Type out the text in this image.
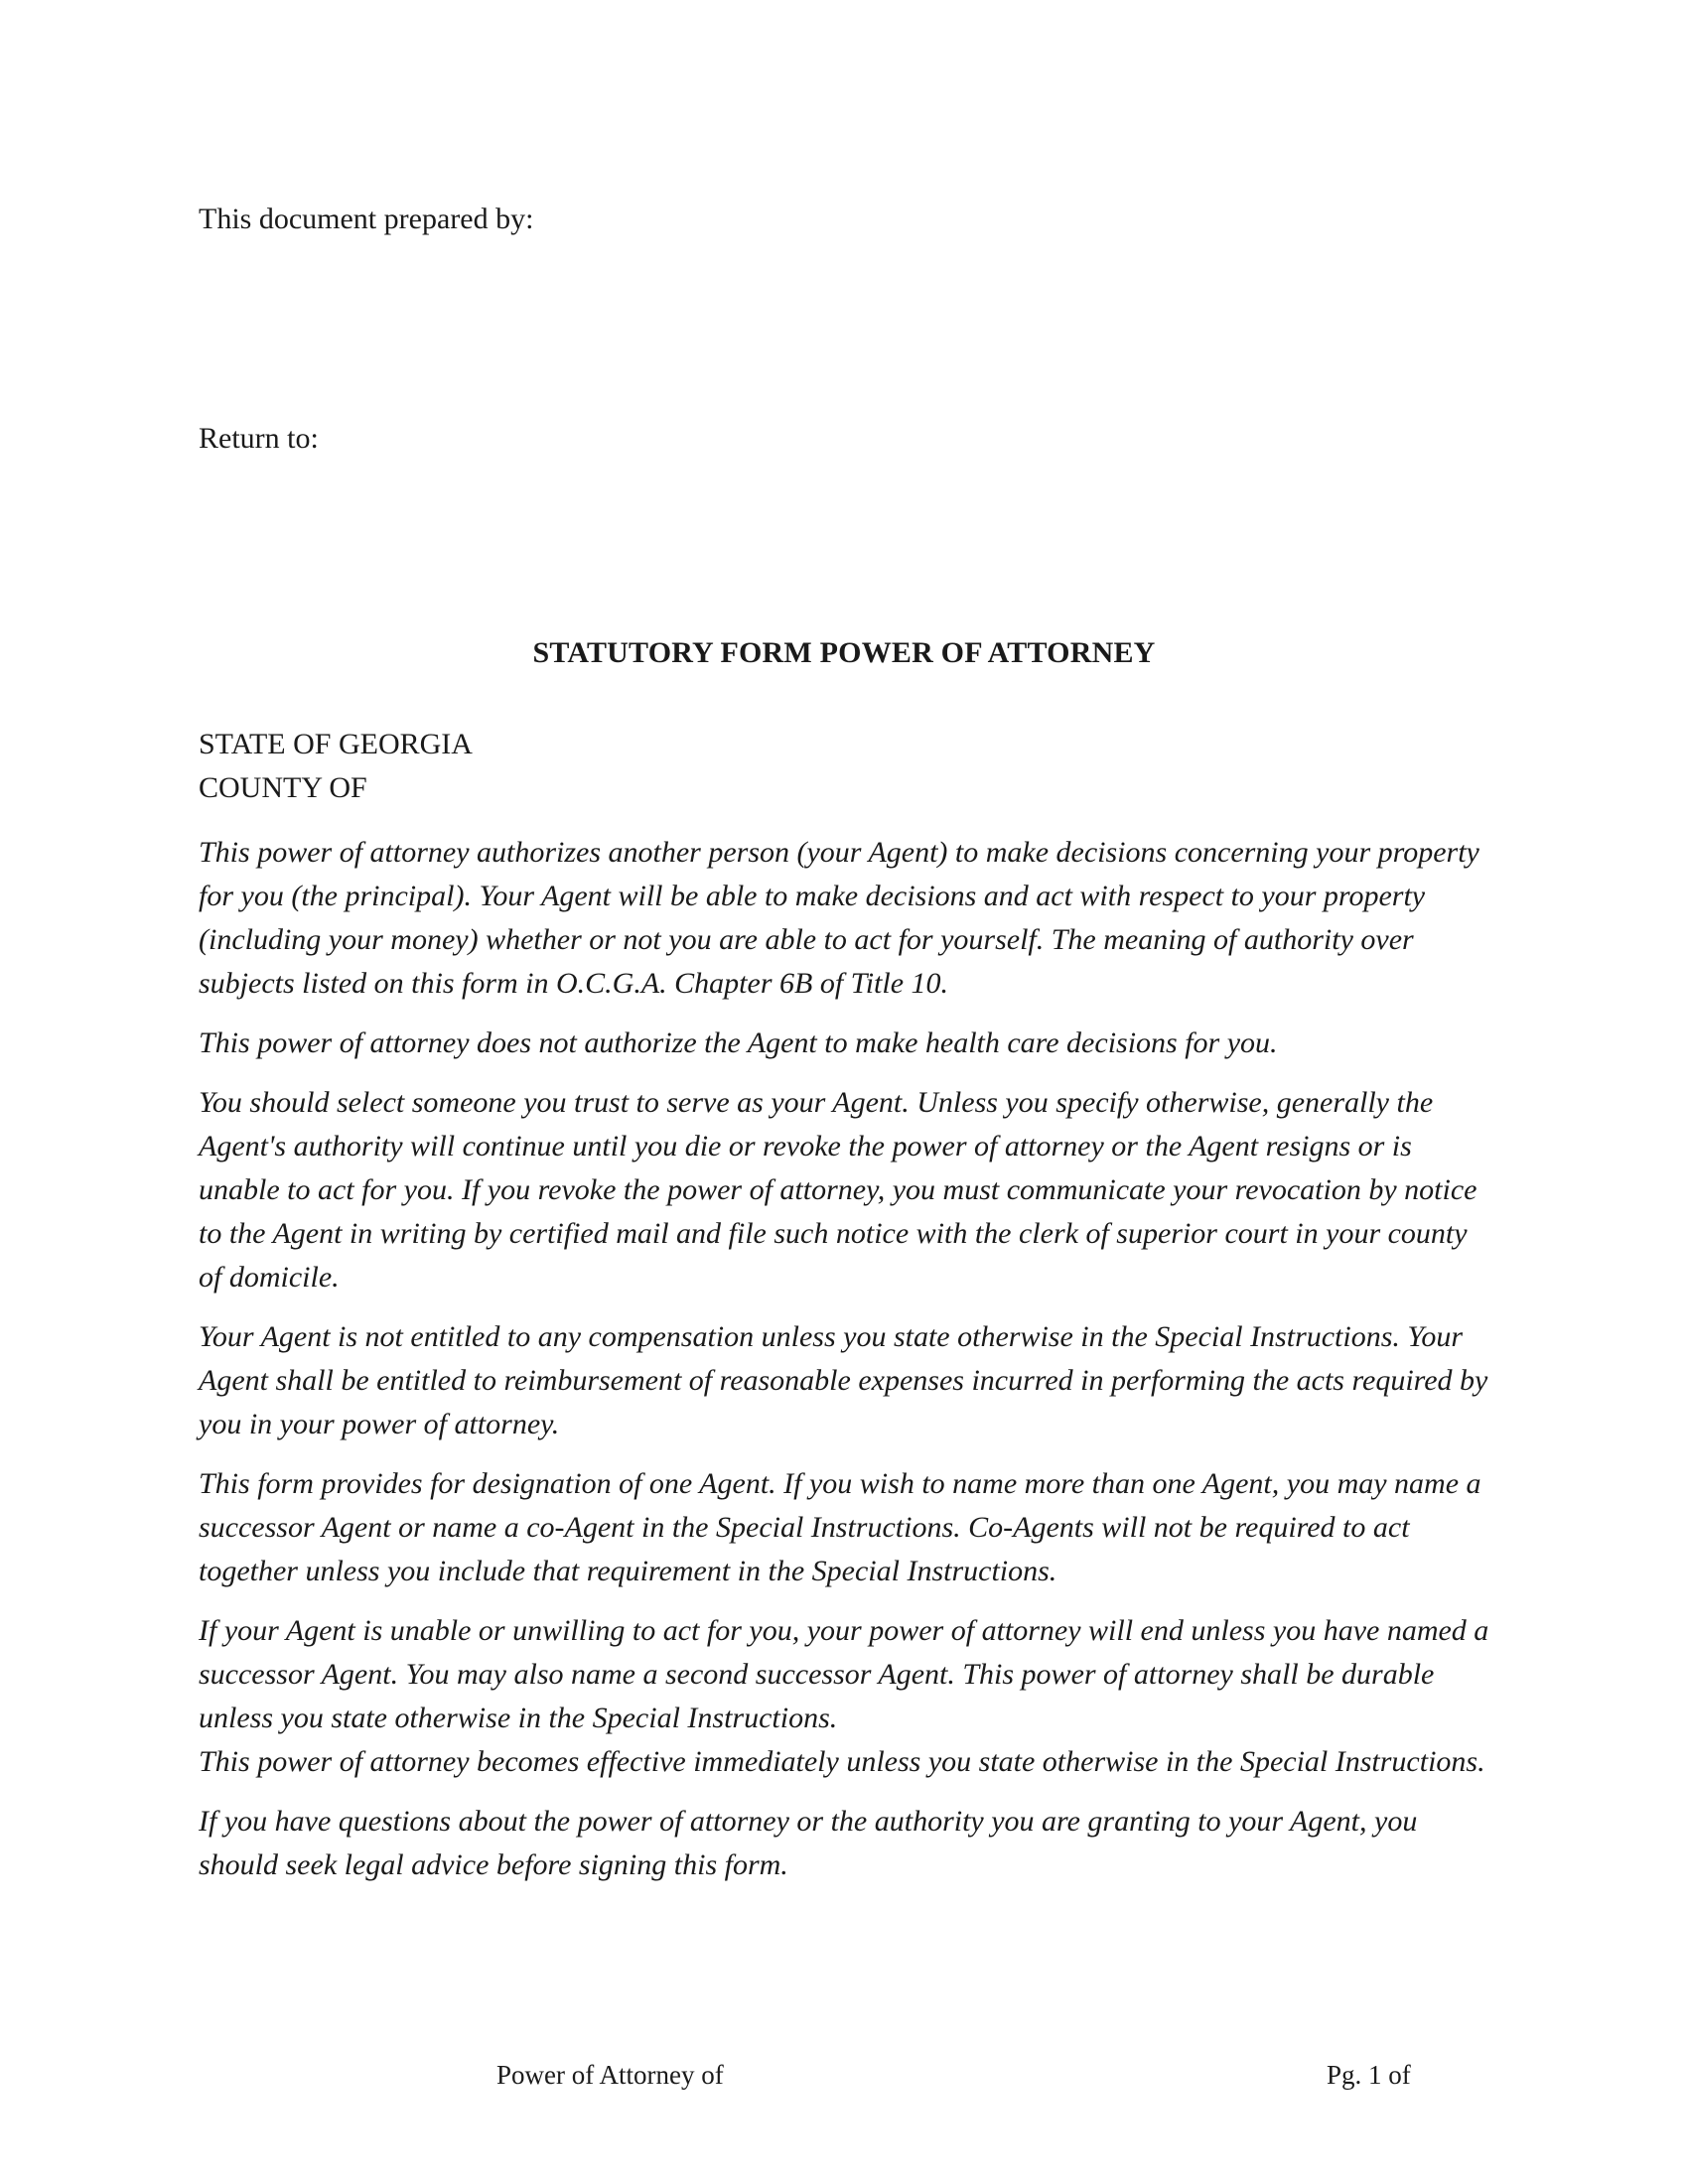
This document prepared by:
Return to:
STATUTORY FORM POWER OF ATTORNEY
STATE OF GEORGIA
COUNTY OF

This power of attorney authorizes another person (your Agent) to make decisions concerning your property for you (the principal). Your Agent will be able to make decisions and act with respect to your property (including your money) whether or not you are able to act for yourself. The meaning of authority over subjects listed on this form in O.C.G.A. Chapter 6B of Title 10.

This power of attorney does not authorize the Agent to make health care decisions for you.

You should select someone you trust to serve as your Agent. Unless you specify otherwise, generally the Agent's authority will continue until you die or revoke the power of attorney or the Agent resigns or is unable to act for you. If you revoke the power of attorney, you must communicate your revocation by notice to the Agent in writing by certified mail and file such notice with the clerk of superior court in your county of domicile.

Your Agent is not entitled to any compensation unless you state otherwise in the Special Instructions. Your Agent shall be entitled to reimbursement of reasonable expenses incurred in performing the acts required by you in your power of attorney.

This form provides for designation of one Agent. If you wish to name more than one Agent, you may name a successor Agent or name a co-Agent in the Special Instructions. Co-Agents will not be required to act together unless you include that requirement in the Special Instructions.

If your Agent is unable or unwilling to act for you, your power of attorney will end unless you have named a successor Agent. You may also name a second successor Agent. This power of attorney shall be durable unless you state otherwise in the Special Instructions.

This power of attorney becomes effective immediately unless you state otherwise in the Special Instructions.

If you have questions about the power of attorney or the authority you are granting to your Agent, you should seek legal advice before signing this form.

Power of Attorney of	Pg. 1 of
